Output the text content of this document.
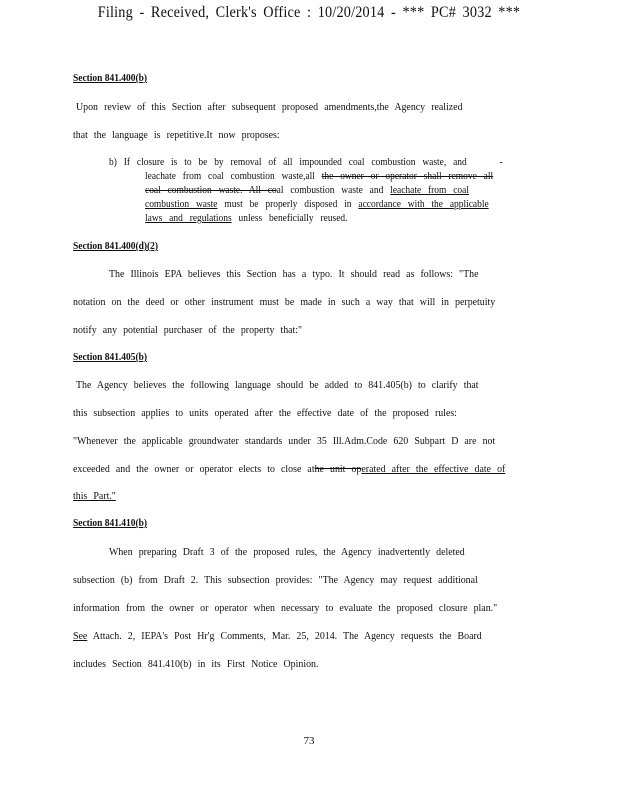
Filing - Received, Clerk's Office : 10/20/2014 - *** PC# 3032 ***
Section 841.400(b)
Upon review of this Section after subsequent proposed amendments,the Agency realized
that the language is repetitive.It now proposes:
b) If closure is to be by removal of all impounded coal combustion waste, and	-
leachate from coal combustion waste,all the owner or operator shall remove all
coal combustion waste. All coal combustion waste and leachate from coal
combustion waste must be properly disposed in accordance with the applicable
laws and regulations unless beneficially reused.
Section 841.400(d)(2)
The Illinois EPA believes this Section has a typo. It should read as follows: "The
notation on the deed or other instrument must be made in such a way that will in perpetuity
notify any potential purchaser of the property that:"
Section 841.405(b)
The Agency believes the following language should be added to 841.405(b) to clarify that
this subsection applies to units operated after the effective date of the proposed rules:
"Whenever the applicable groundwater standards under 35 Ill.Adm.Code 620 Subpart D are not
exceeded and the owner or operator elects to close athe unit operated after the effective date of
this Part."
Section 841.410(b)
When preparing Draft 3 of the proposed rules, the Agency inadvertently deleted
subsection (b) from Draft 2. This subsection provides: "The Agency may request additional
information from the owner or operator when necessary to evaluate the proposed closure plan."
See Attach. 2, IEPA's Post Hr'g Comments, Mar. 25, 2014. The Agency requests the Board
includes Section 841.410(b) in its First Notice Opinion.
73
